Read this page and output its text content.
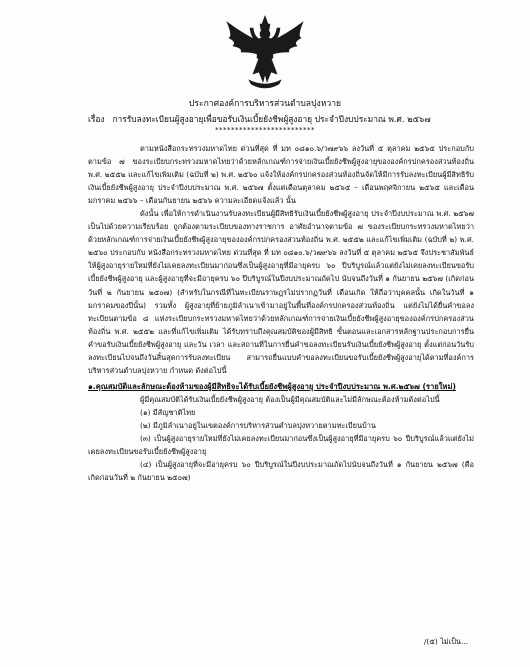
ประกาศองค์การบริหารส่วนตำบลปุงหวาย

เรื่อง การรับลงทะเบียนผู้สูงอายุเพื่อขอรับเงินเบี้ยยังชีพผู้สูงอายุ ประจำปีงบประมาณ พ.ศ. ๒๕๖๗

*************************

ตามหนังสือกระทรวงมหาดไทย ด่วนที่สุด ที่ มท ๐๘๑๐.๖/ว๗๙๖๖ ลงวันที่ ๕ ตุลาคม ๒๕๖๕ ประกอบกับตามข้อ ๗ ของระเบียบกระทรวงมหาดไทยว่าด้วยหลักเกณฑ์การจ่ายเงินเบี้ยยังชีพผู้สูงอายุขององค์กรปกครองส่วนท้องถิ่น พ.ศ. ๒๕๕๒ และแก้ไขเพิ่มเติม (ฉบับที่ ๒) พ.ศ. ๒๕๖๐ แจ้งให้องค์กรปกครองส่วนท้องถิ่นจัดให้มีการรับลงทะเบียนผู้มีสิทธิรับเงินเบี้ยยังชีพผู้สูงอายุ ประจำปีงบประมาณ พ.ศ. ๒๕๖๗ ตั้งแต่เดือนตุลาคม ๒๕๖๕ – เดือนพฤศจิกายน ๒๕๖๕ และเดือนมกราคม ๒๕๖๖ – เดือนกันยายน ๒๕๖๖ ความละเอียดแจ้งแล้ว นั้น

ดังนั้น เพื่อให้การดำเนินงานรับลงทะเบียนผู้มีสิทธิรับเงินเบี้ยยังชีพผู้สูงอายุ ประจำปีงบประมาณ พ.ศ. ๒๕๖๗ เป็นไปด้วยความเรียบร้อย ถูกต้องตามระเบียบของทางราชการ อาศัยอำนาจตามข้อ ๗ ของระเบียบกระทรวงมหาดไทยว่าด้วยหลักเกณฑ์การจ่ายเงินเบี้ยยังชีพผู้สูงอายุขององค์กรปกครองส่วนท้องถิ่น พ.ศ. ๒๕๕๒ และแก้ไขเพิ่มเติม (ฉบับที่ ๒) พ.ศ. ๒๕๖๐ ประกอบกับ หนังสือกระทรวงมหาดไทย ด่วนที่สุด ที่ มท ๐๘๑๐.๖/ว๗๙๖๖ ลงวันที่ ๕ ตุลาคม ๒๕๖๕ จึงประชาสัมพันธ์ให้ผู้สูงอายุรายใหม่ที่ยังไม่เคยลงทะเบียนมาก่อนซึ่งเป็นผู้สูงอายุที่มีอายุครบ ๖๐ ปีบริบูรณ์แล้วแต่ยังไม่เคยลงทะเบียนขอรับเบี้ยยังชีพผู้สูงอายุ และผู้สูงอายุที่จะมีอายุครบ ๖๐ ปีบริบูรณ์ในปีงบประมาณถัดไป นับจนถึงวันที่ ๑ กันยายน ๒๕๖๗ (เกิดก่อนวันที่ ๒ กันยายน ๒๕๐๗) (สำหรับในกรณีที่ในทะเบียนราษฎรไม่ปรากฏวันที่ เดือนเกิด ให้ถือว่าบุคคลนั้น เกิดในวันที่ ๑ มกราคมของปีนั้น) รวมทั้ง ผู้สูงอายุที่ย้ายภูมิลำเนาเข้ามาอยู่ในพื้นที่องค์กรปกครองส่วนท้องถิ่น แต่ยังไม่ได้ยื่นคำขอลงทะเบียนตามข้อ ๘ แห่งระเบียบกระทรวงมหาดไทยว่าด้วยหลักเกณฑ์การจ่ายเงินเบี้ยยังชีพผู้สูงอายุขององค์กรปกครองส่วนท้องถิ่น พ.ศ. ๒๕๕๒ และที่แก้ไขเพิ่มเติม ได้รับทราบถึงคุณสมบัติของผู้มีสิทธิ ขั้นตอนและเอกสารหลักฐานประกอบการยื่นคำขอรับเงินเบี้ยยังชีพผู้สูงอายุ และวัน เวลา และสถานที่ในการยื่นคำขอลงทะเบียนรับเงินเบี้ยยังชีพผู้สูงอายุ ตั้งแต่ก่อนวันรับลงทะเบียนไปจนถึงวันสิ้นสุดการรับลงทะเบียน สามารถยื่นแบบคำขอลงทะเบียนขอรับเบี้ยยังชีพผู้สูงอายุได้ตามที่องค์การบริหารส่วนตำบลปุงหวาย กำหนด ดังต่อไปนี้

๑.คุณสมบัติและลักษณะต้องห้ามของผู้มีสิทธิจะได้รับเบี้ยยังชีพผู้สูงอายุ ประจำปีงบประมาณ พ.ศ.๒๕๖๗ (รายใหม่)

ผู้มีคุณสมบัติได้รับเงินเบี้ยยังชีพผู้สูงอายุ ต้องเป็นผู้มีคุณสมบัติและไม่มีลักษณะต้องห้ามดังต่อไปนี้

(๑) มีสัญชาติไทย

(๒) มีภูมิลำเนาอยู่ในเขตองค์การบริหารส่วนตำบลปุงหวายตามทะเบียนบ้าน

(๓) เป็นผู้สูงอายุรายใหม่ที่ยังไม่เคยลงทะเบียนมาก่อนซึ่งเป็นผู้สูงอายุที่มีอายุครบ ๖๐ ปีบริบูรณ์แล้วแต่ยังไม่เคยลงทะเบียนขอรับเบี้ยยังชีพผู้สูงอายุ

(๔) เป็นผู้สูงอายุที่จะมีอายุครบ ๖๐ ปีบริบูรณ์ในปีงบประมาณถัดไปนับจนถึงวันที่ ๑ กันยายน ๒๕๖๗ (คือเกิดก่อนวันที่ ๒ กันยายน ๒๕๐๗)

/(๕) ไม่เป็น...
